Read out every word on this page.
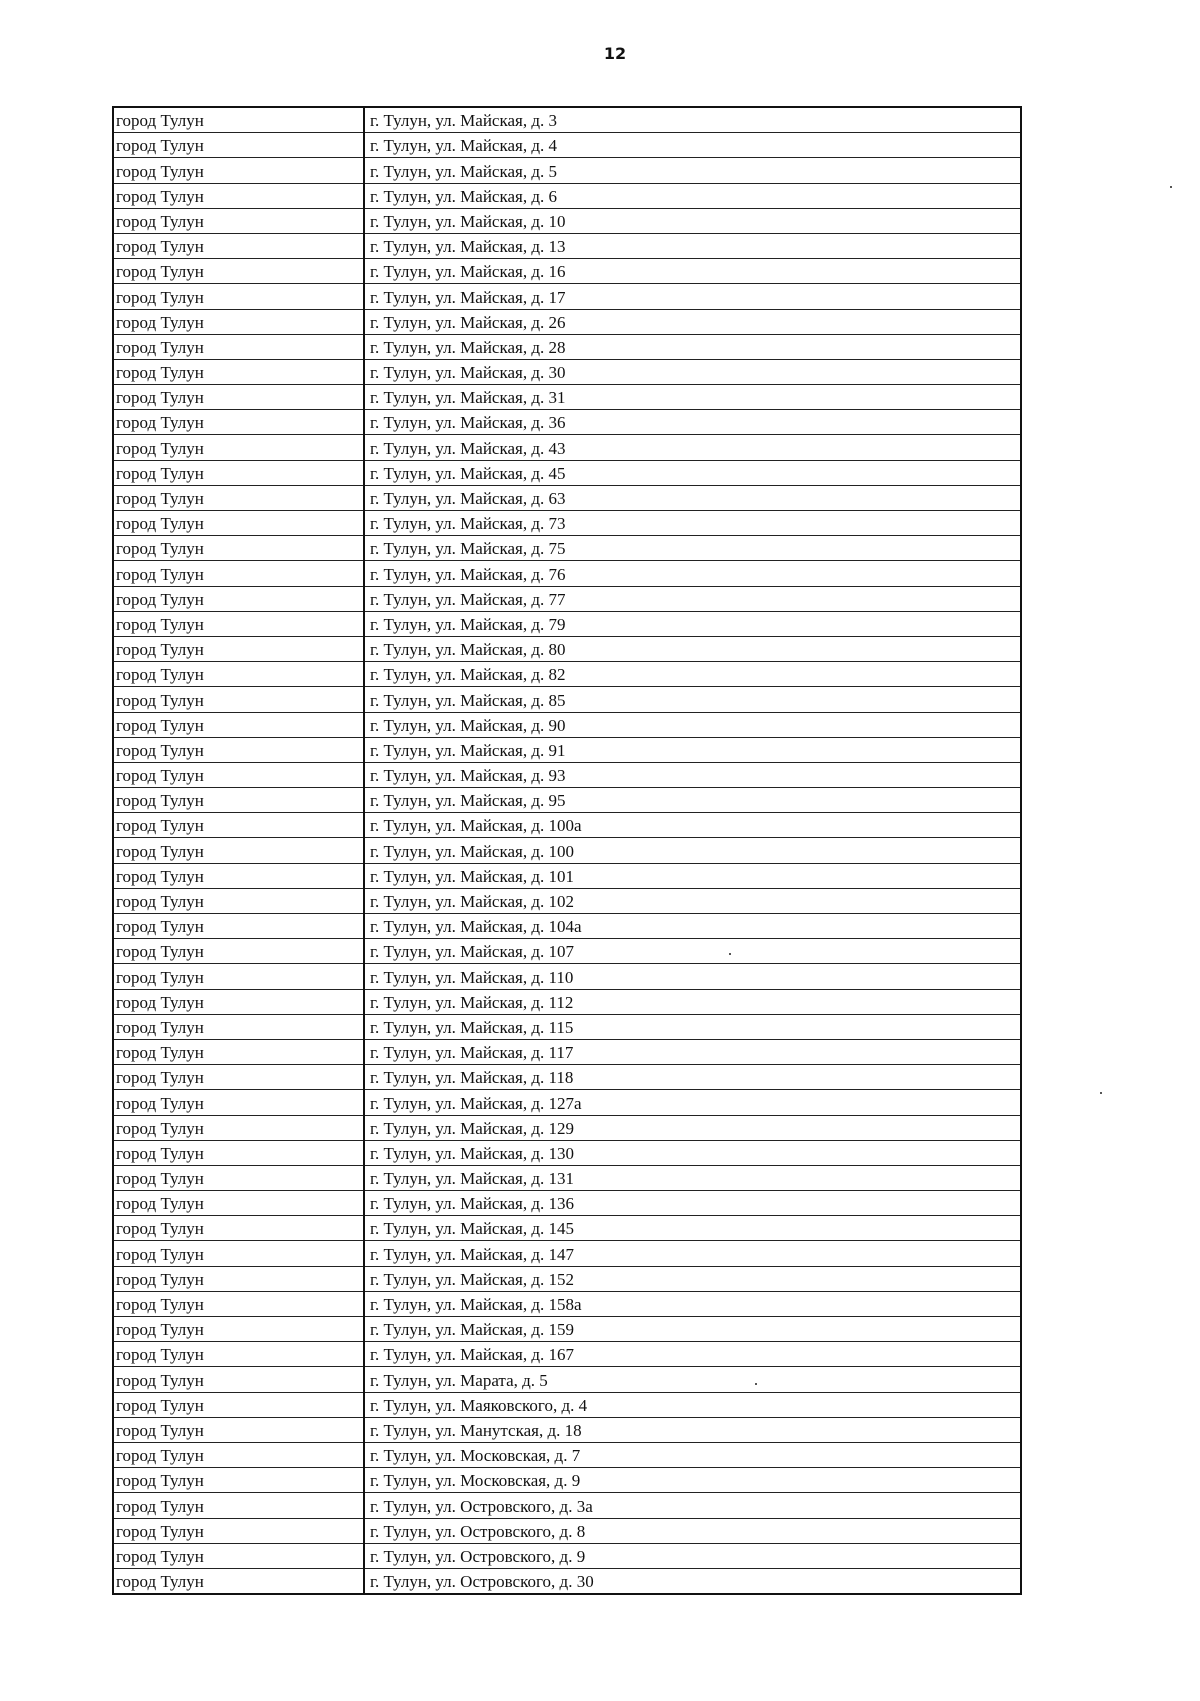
12
город Тулун	г. Тулун, ул. Майская, д. 3
город Тулун	г. Тулун, ул. Майская, д. 4
город Тулун	г. Тулун, ул. Майская, д. 5
город Тулун	г. Тулун, ул. Майская, д. 6
город Тулун	г. Тулун, ул. Майская, д. 10
город Тулун	г. Тулун, ул. Майская, д. 13
город Тулун	г. Тулун, ул. Майская, д. 16
город Тулун	г. Тулун, ул. Майская, д. 17
город Тулун	г. Тулун, ул. Майская, д. 26
город Тулун	г. Тулун, ул. Майская, д. 28
город Тулун	г. Тулун, ул. Майская, д. 30
город Тулун	г. Тулун, ул. Майская, д. 31
город Тулун	г. Тулун, ул. Майская, д. 36
город Тулун	г. Тулун, ул. Майская, д. 43
город Тулун	г. Тулун, ул. Майская, д. 45
город Тулун	г. Тулун, ул. Майская, д. 63
город Тулун	г. Тулун, ул. Майская, д. 73
город Тулун	г. Тулун, ул. Майская, д. 75
город Тулун	г. Тулун, ул. Майская, д. 76
город Тулун	г. Тулун, ул. Майская, д. 77
город Тулун	г. Тулун, ул. Майская, д. 79
город Тулун	г. Тулун, ул. Майская, д. 80
город Тулун	г. Тулун, ул. Майская, д. 82
город Тулун	г. Тулун, ул. Майская, д. 85
город Тулун	г. Тулун, ул. Майская, д. 90
город Тулун	г. Тулун, ул. Майская, д. 91
город Тулун	г. Тулун, ул. Майская, д. 93
город Тулун	г. Тулун, ул. Майская, д. 95
город Тулун	г. Тулун, ул. Майская, д. 100а
город Тулун	г. Тулун, ул. Майская, д. 100
город Тулун	г. Тулун, ул. Майская, д. 101
город Тулун	г. Тулун, ул. Майская, д. 102
город Тулун	г. Тулун, ул. Майская, д. 104а
город Тулун	г. Тулун, ул. Майская, д. 107
город Тулун	г. Тулун, ул. Майская, д. 110
город Тулун	г. Тулун, ул. Майская, д. 112
город Тулун	г. Тулун, ул. Майская, д. 115
город Тулун	г. Тулун, ул. Майская, д. 117
город Тулун	г. Тулун, ул. Майская, д. 118
город Тулун	г. Тулун, ул. Майская, д. 127а
город Тулун	г. Тулун, ул. Майская, д. 129
город Тулун	г. Тулун, ул. Майская, д. 130
город Тулун	г. Тулун, ул. Майская, д. 131
город Тулун	г. Тулун, ул. Майская, д. 136
город Тулун	г. Тулун, ул. Майская, д. 145
город Тулун	г. Тулун, ул. Майская, д. 147
город Тулун	г. Тулун, ул. Майская, д. 152
город Тулун	г. Тулун, ул. Майская, д. 158а
город Тулун	г. Тулун, ул. Майская, д. 159
город Тулун	г. Тулун, ул. Майская, д. 167
город Тулун	г. Тулун, ул. Марата, д. 5
город Тулун	г. Тулун, ул. Маяковского, д. 4
город Тулун	г. Тулун, ул. Манутская, д. 18
город Тулун	г. Тулун, ул. Московская, д. 7
город Тулун	г. Тулун, ул. Московская, д. 9
город Тулун	г. Тулун, ул. Островского, д. 3а
город Тулун	г. Тулун, ул. Островского, д. 8
город Тулун	г. Тулун, ул. Островского, д. 9
город Тулун	г. Тулун, ул. Островского, д. 30
